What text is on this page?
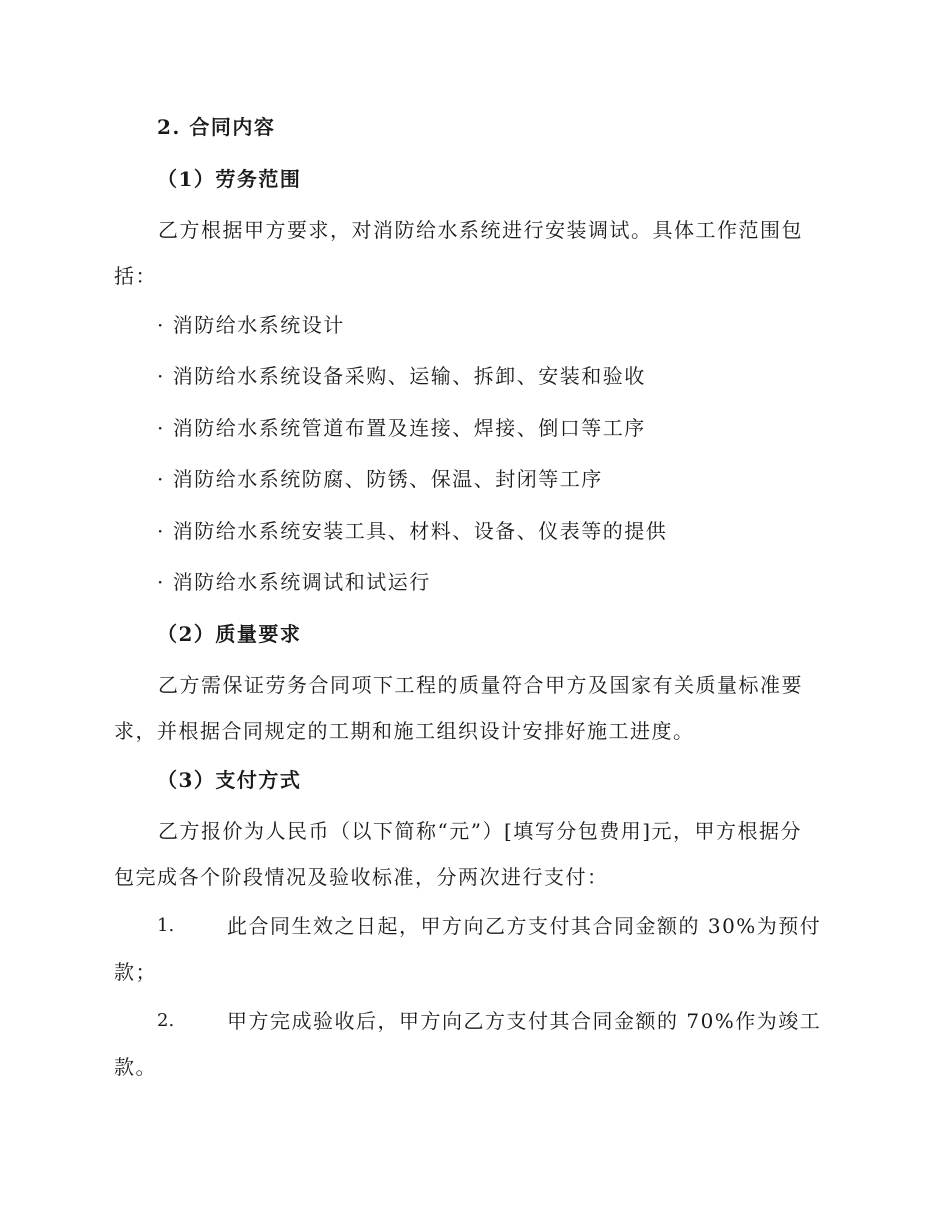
2. 合同内容

（1）劳务范围

乙方根据甲方要求，对消防给水系统进行安装调试。具体工作范围包括：

· 消防给水系统设计

· 消防给水系统设备采购、运输、拆卸、安装和验收

· 消防给水系统管道布置及连接、焊接、倒口等工序

· 消防给水系统防腐、防锈、保温、封闭等工序

· 消防给水系统安装工具、材料、设备、仪表等的提供

· 消防给水系统调试和试运行

（2）质量要求

乙方需保证劳务合同项下工程的质量符合甲方及国家有关质量标准要求，并根据合同规定的工期和施工组织设计安排好施工进度。

（3）支付方式

乙方报价为人民币（以下简称“元”）[填写分包费用]元，甲方根据分包完成各个阶段情况及验收标准，分两次进行支付：

1.	此合同生效之日起，甲方向乙方支付其合同金额的 30%为预付款；

2.	甲方完成验收后，甲方向乙方支付其合同金额的 70%作为竣工款。
